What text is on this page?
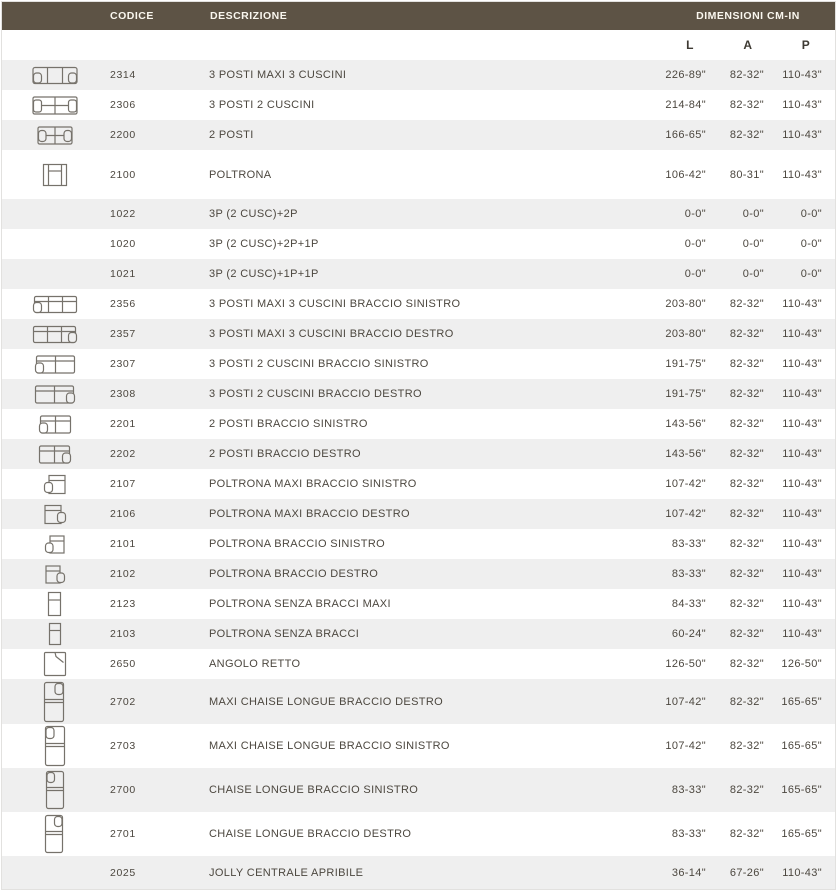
CODICE	DESCRIZIONE	DIMENSIONI CM-IN
L	A	P
2314	3 POSTI MAXI 3 CUSCINI	226-89"	82-32"	110-43"
2306	3 POSTI 2 CUSCINI	214-84"	82-32"	110-43"
2200	2 POSTI	166-65"	82-32"	110-43"
2100	POLTRONA	106-42"	80-31"	110-43"
1022	3P (2 CUSC)+2P	0-0"	0-0"	0-0"
1020	3P (2 CUSC)+2P+1P	0-0"	0-0"	0-0"
1021	3P (2 CUSC)+1P+1P	0-0"	0-0"	0-0"
2356	3 POSTI MAXI 3 CUSCINI BRACCIO SINISTRO	203-80"	82-32"	110-43"
2357	3 POSTI MAXI 3 CUSCINI BRACCIO DESTRO	203-80"	82-32"	110-43"
2307	3 POSTI 2 CUSCINI BRACCIO SINISTRO	191-75"	82-32"	110-43"
2308	3 POSTI 2 CUSCINI BRACCIO DESTRO	191-75"	82-32"	110-43"
2201	2 POSTI BRACCIO SINISTRO	143-56"	82-32"	110-43"
2202	2 POSTI BRACCIO DESTRO	143-56"	82-32"	110-43"
2107	POLTRONA MAXI BRACCIO SINISTRO	107-42"	82-32"	110-43"
2106	POLTRONA MAXI BRACCIO DESTRO	107-42"	82-32"	110-43"
2101	POLTRONA BRACCIO SINISTRO	83-33"	82-32"	110-43"
2102	POLTRONA BRACCIO DESTRO	83-33"	82-32"	110-43"
2123	POLTRONA SENZA BRACCI MAXI	84-33"	82-32"	110-43"
2103	POLTRONA SENZA BRACCI	60-24"	82-32"	110-43"
2650	ANGOLO RETTO	126-50"	82-32"	126-50"
2702	MAXI CHAISE LONGUE BRACCIO DESTRO	107-42"	82-32"	165-65"
2703	MAXI CHAISE LONGUE BRACCIO SINISTRO	107-42"	82-32"	165-65"
2700	CHAISE LONGUE BRACCIO SINISTRO	83-33"	82-32"	165-65"
2701	CHAISE LONGUE BRACCIO DESTRO	83-33"	82-32"	165-65"
2025	JOLLY CENTRALE APRIBILE	36-14"	67-26"	110-43"
